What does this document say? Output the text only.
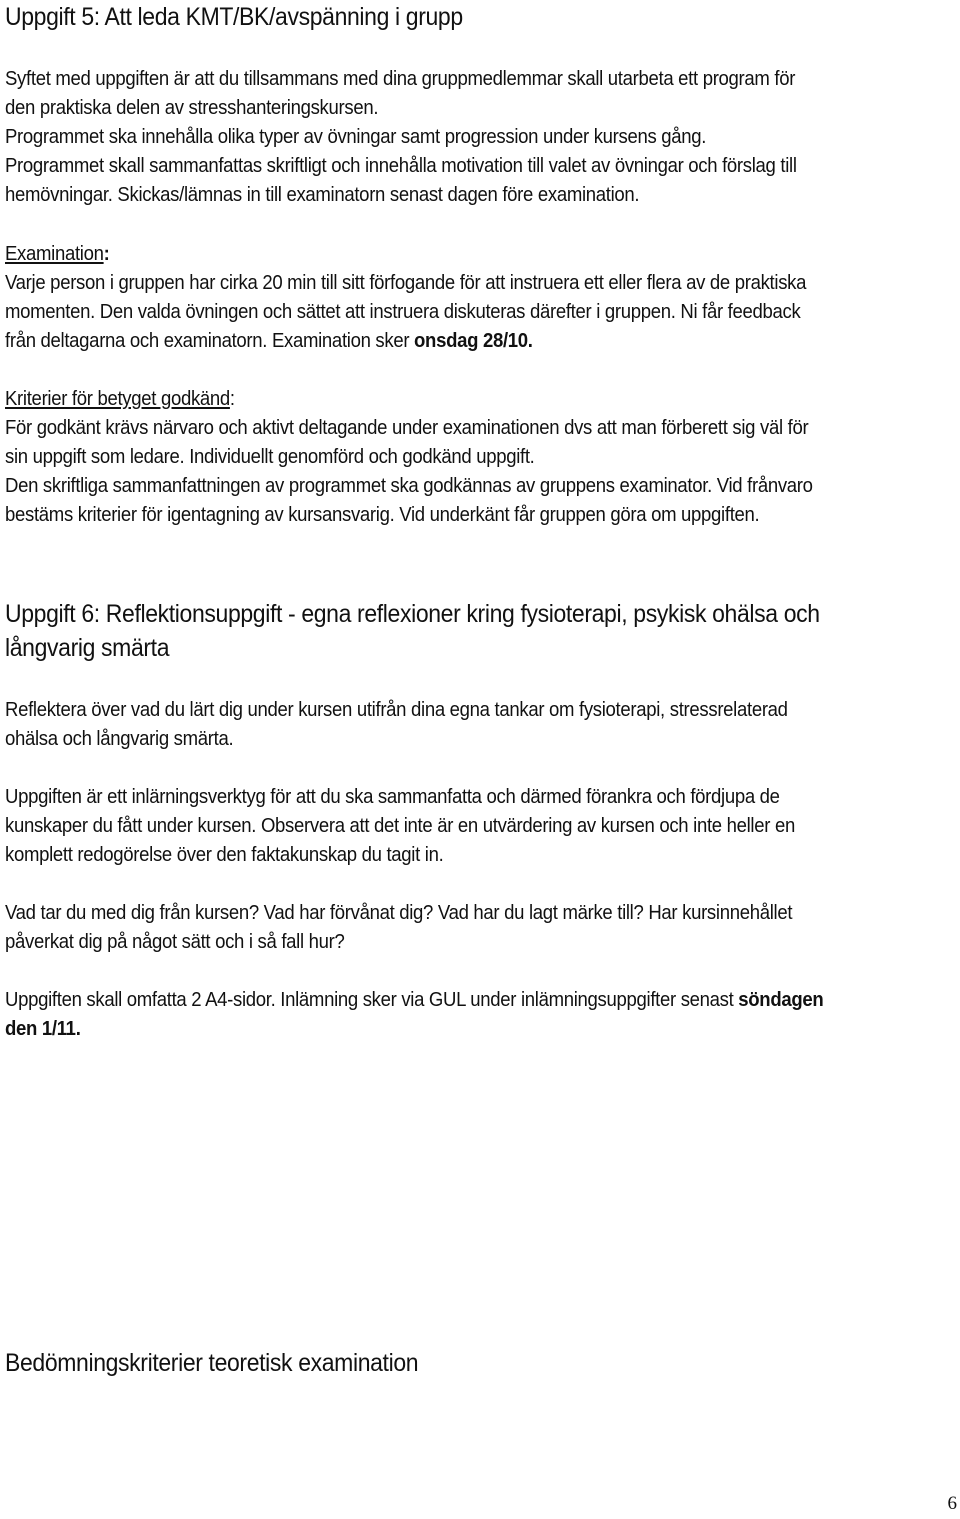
Uppgift 5: Att leda KMT/BK/avspänning i grupp

Syftet med uppgiften är att du tillsammans med dina gruppmedlemmar skall utarbeta ett program för

den praktiska delen av stresshanteringskursen.

Programmet ska innehålla olika typer av övningar samt progression under kursens gång.

Programmet skall sammanfattas skriftligt och innehålla motivation till valet av övningar och förslag till

hemövningar. Skickas/lämnas in till examinatorn senast dagen före examination.

Examination:

Varje person i gruppen har cirka 20 min till sitt förfogande för att instruera ett eller flera av de praktiska

momenten. Den valda övningen och sättet att instruera diskuteras därefter i gruppen. Ni får feedback

från deltagarna och examinatorn. Examination sker onsdag 28/10.

Kriterier för betyget godkänd:

För godkänt krävs närvaro och aktivt deltagande under examinationen dvs att man förberett sig väl för

sin uppgift som ledare. Individuellt genomförd och godkänd uppgift.

Den skriftliga sammanfattningen av programmet ska godkännas av gruppens examinator. Vid frånvaro

bestäms kriterier för igentagning av kursansvarig. Vid underkänt får gruppen göra om uppgiften.

Uppgift 6: Reflektionsuppgift - egna reflexioner kring fysioterapi, psykisk ohälsa och
långvarig smärta

Reflektera över vad du lärt dig under kursen utifrån dina egna tankar om fysioterapi, stressrelaterad

ohälsa och långvarig smärta.

Uppgiften är ett inlärningsverktyg för att du ska sammanfatta och därmed förankra och fördjupa de

kunskaper du fått under kursen. Observera att det inte är en utvärdering av kursen och inte heller en

komplett redogörelse över den faktakunskap du tagit in.

Vad tar du med dig från kursen? Vad har förvånat dig? Vad har du lagt märke till? Har kursinnehållet

påverkat dig på något sätt och i så fall hur?

Uppgiften skall omfatta 2 A4-sidor. Inlämning sker via GUL under inlämningsuppgifter senast söndagen

den 1/11.

Bedömningskriterier teoretisk examination
6
